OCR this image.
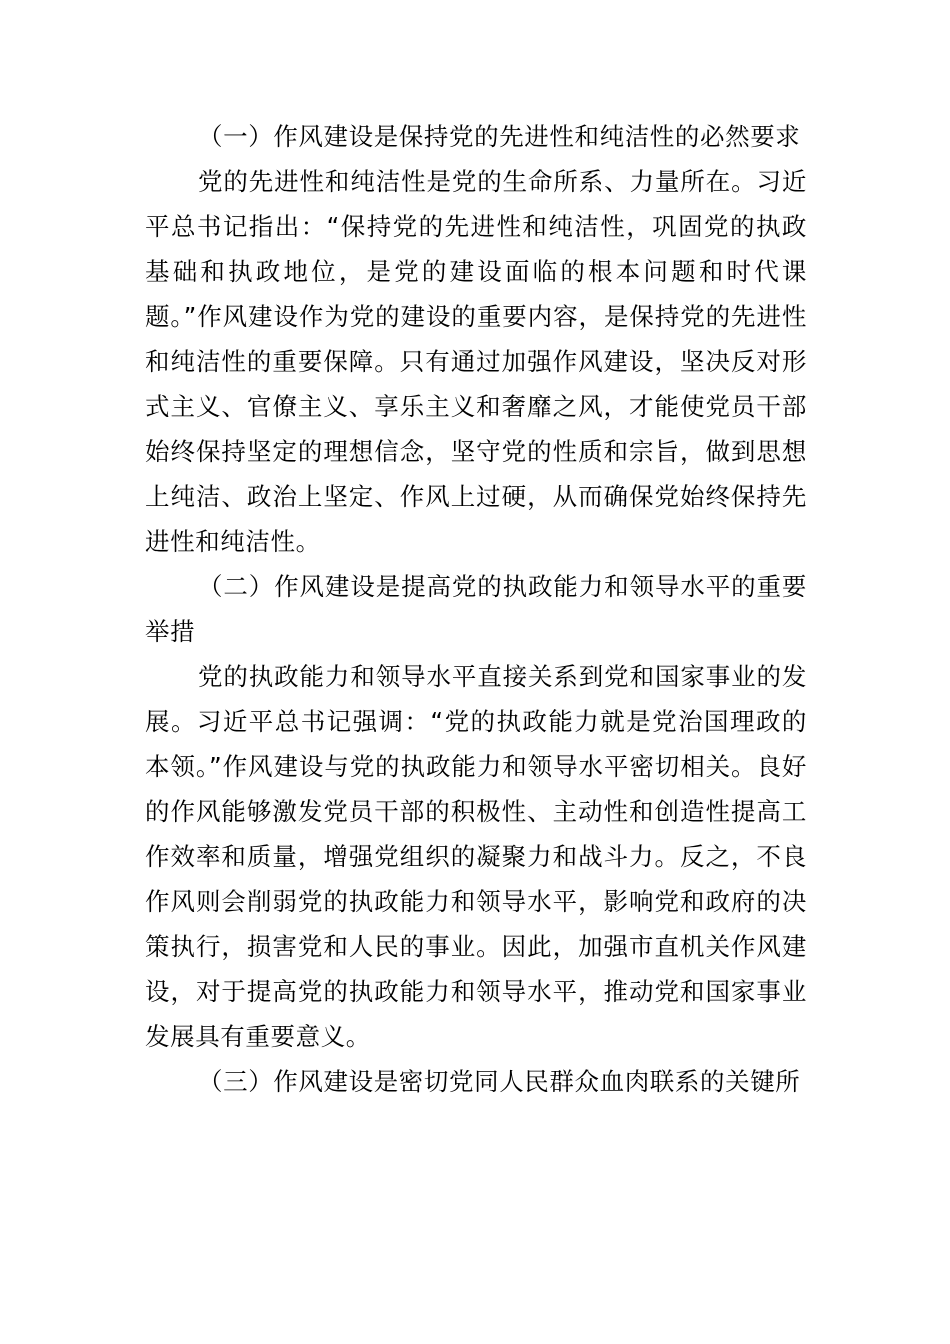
（一）作风建设是保持党的先进性和纯洁性的必然要求

党的先进性和纯洁性是党的生命所系、力量所在。习近平总书记指出：“保持党的先进性和纯洁性，巩固党的执政基础和执政地位，是党的建设面临的根本问题和时代课题。”作风建设作为党的建设的重要内容，是保持党的先进性和纯洁性的重要保障。只有通过加强作风建设，坚决反对形式主义、官僚主义、享乐主义和奢靡之风，才能使党员干部始终保持坚定的理想信念，坚守党的性质和宗旨，做到思想上纯洁、政治上坚定、作风上过硬，从而确保党始终保持先进性和纯洁性。

（二）作风建设是提高党的执政能力和领导水平的重要举措

党的执政能力和领导水平直接关系到党和国家事业的发展。习近平总书记强调：“党的执政能力就是党治国理政的本领。”作风建设与党的执政能力和领导水平密切相关。良好的作风能够激发党员干部的积极性、主动性和创造性提高工作效率和质量，增强党组织的凝聚力和战斗力。反之，不良作风则会削弱党的执政能力和领导水平，影响党和政府的决策执行，损害党和人民的事业。因此，加强市直机关作风建设，对于提高党的执政能力和领导水平，推动党和国家事业发展具有重要意义。

（三）作风建设是密切党同人民群众血肉联系的关键所
